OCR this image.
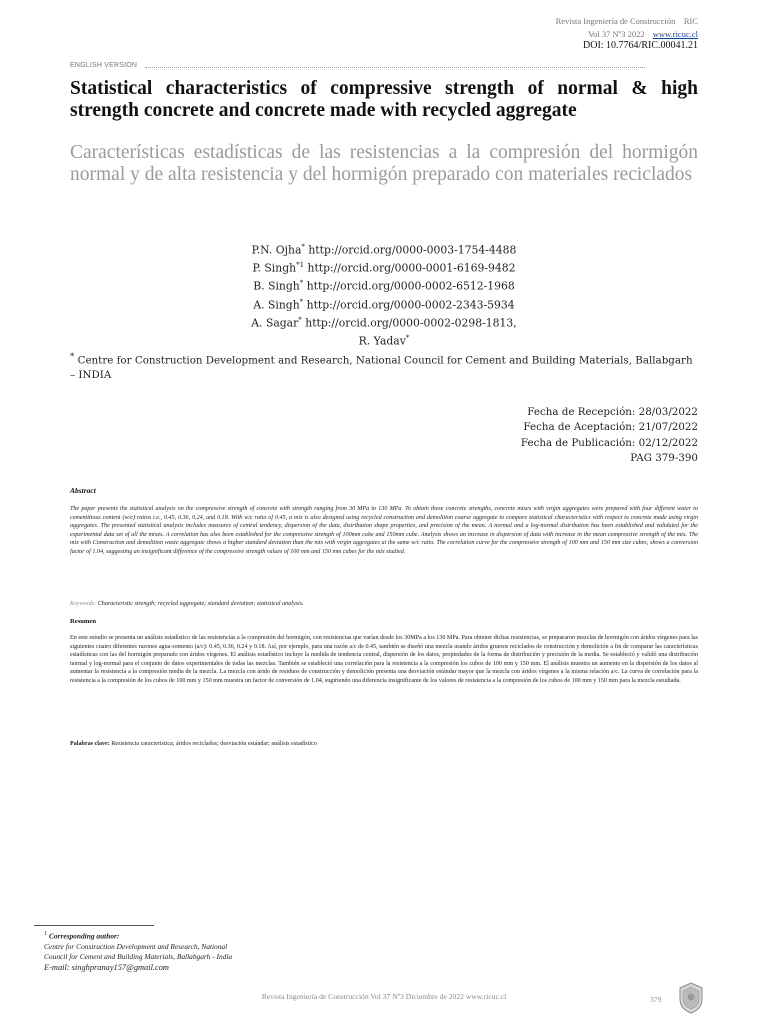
Revista Ingeniería de Construcción RIC
Vol 37 Nº3 2022 www.ricuc.cl
DOI: 10.7764/RIC.00041.21
ENGLISH VERSION
Statistical characteristics of compressive strength of normal & high strength concrete and concrete made with recycled aggregate
Características estadísticas de las resistencias a la compresión del hormigón normal y de alta resistencia y del hormigón preparado con materiales reciclados
P.N. Ojha* http://orcid.org/0000-0003-1754-4488
P. Singh$^{*1}$ http://orcid.org/0000-0001-6169-9482
B. Singh* http://orcid.org/0000-0002-6512-1968
A. Singh* http://orcid.org/0000-0002-2343-5934
A. Sagar* http://orcid.org/0000-0002-0298-1813,
R. Yadav*
* Centre for Construction Development and Research, National Council for Cement and Building Materials, Ballabgarh – INDIA
Fecha de Recepción: 28/03/2022
Fecha de Aceptación: 21/07/2022
Fecha de Publicación: 02/12/2022
PAG 379-390
Abstract
The paper presents the statistical analysis on the compressive strength of concrete with strength ranging from 30 MPa to 130 MPa. To obtain these concrete strengths, concrete mixes with virgin aggregates were prepared with four different water to cementitious content (w/c) ratios i.e., 0.45, 0.36, 0.24, and 0.18. With w/c ratio of 0.45, a mix is also designed using recycled construction and demolition coarse aggregate to compare statistical characteristics with respect to concrete made using virgin aggregates. The presented statistical analysis includes measures of central tendency, dispersion of the data, distribution shape properties, and precision of the mean. A normal and a log-normal distribution has been established and validated for the experimental data set of all the mixes. A correlation has also been established for the compressive strength of 100mm cube and 150mm cube. Analysis shows an increase in dispersion of data with increase in the mean compressive strength of the mix. The mix with Construction and demolition waste aggregate shows a higher standard deviation than the mix with virgin aggregates at the same w/c ratio. The correlation curve for the compressive strength of 100 mm and 150 mm size cubes, shows a conversion factor of 1.04, suggesting an insignificant difference of the compressive strength values of 100 mm and 150 mm cubes for the mix studied.
Keywords: Characteristic strength; recycled aggregate; standard deviation; statistical analysis.
Resumen
En este estudio se presenta un análisis estadístico de las resistencias a la compresión del hormigón, con resistencias que varían desde los 30MPa a los 130 MPa. Para obtener dichas resistencias, se prepararon mezclas de hormigón con áridos vírgenes para las siguientes cuatro diferentes razones agua-cemento (a/c): 0.45, 0.36, 0.24 y 0.18. Así, por ejemplo, para una razón a/c de 0.45, también se diseñó una mezcla usando áridos gruesos reciclados de construcción y demolición a fin de comparar las características estadísticas con las del hormigón preparado con áridos vírgenes. El análisis estadístico incluye la medida de tendencia central, dispersión de los datos, propiedades de la forma de distribución y precisión de la media. Se estableció y validó una distribución normal y log-normal para el conjunto de datos experimentales de todas las mezclas. También se estableció una correlación para la resistencia a la compresión los cubos de 100 mm y 150 mm. El análisis muestra un aumento en la dispersión de los datos al aumentar la resistencia a la compresión media de la mezcla. La mezcla con árido de residuos de construcción y demolición presenta una desviación estándar mayor que la mezcla con áridos vírgenes a la misma relación a/c. La curva de correlación para la resistencia a la compresión de los cubos de 100 mm y 150 mm muestra un factor de conversión de 1.04, sugiriendo una diferencia insignificante de los valores de resistencia a la compresión de los cubos de 100 mm y 150 mm para la mezcla estudiada.
Palabras clave: Resistencia característica; áridos reciclados; desviación estándar; análisis estadístico
$^1$ Corresponding author:
Centre for Construction Development and Research, National
Council for Cement and Building Materials, Ballabgarh - India
E-mail: singhpranay157@gmail.com
Revista Ingeniería de Construcción Vol 37 Nº3 Diciembre de 2022 www.ricuc.cl	379
